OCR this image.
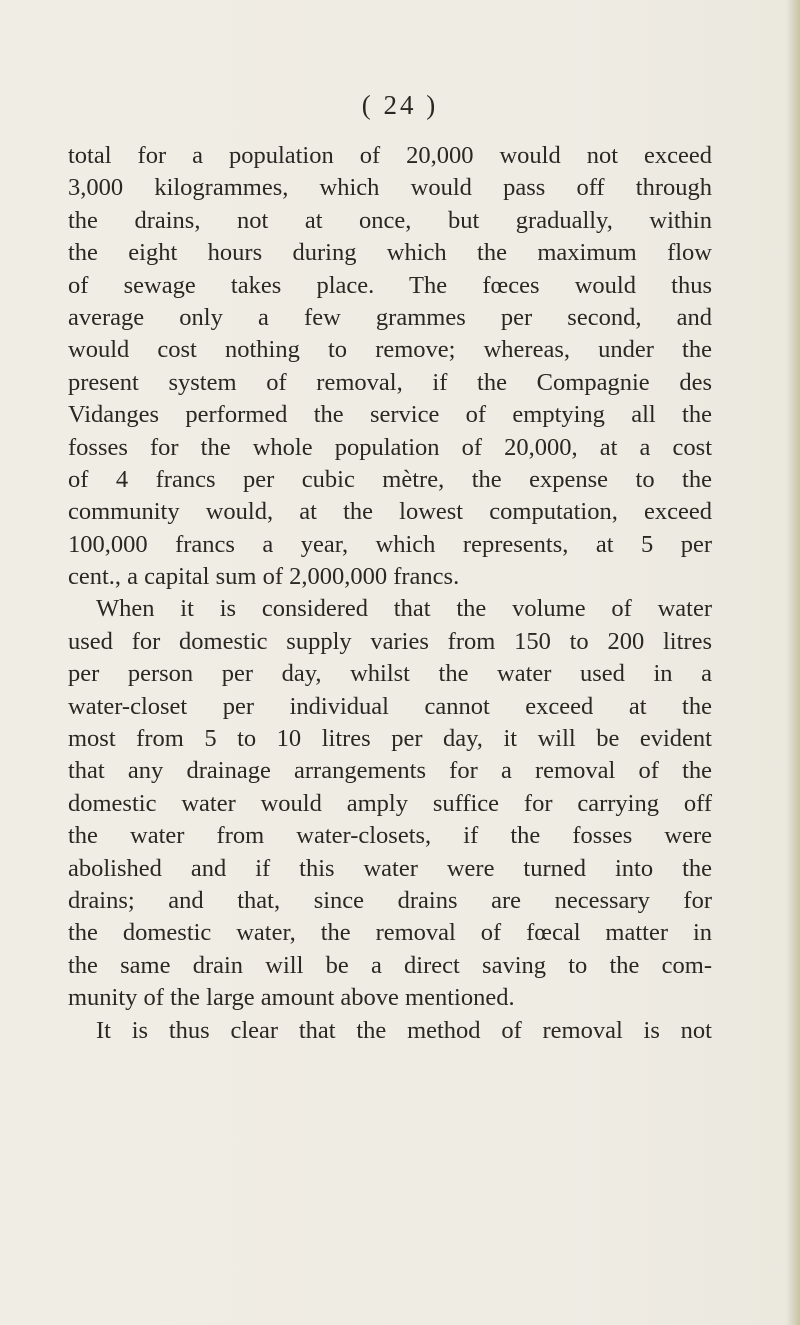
( 24 )
total for a population of 20,000 would not exceed
3,000 kilogrammes, which would pass off through
the drains, not at once, but gradually, within
the eight hours during which the maximum flow
of sewage takes place. The fœces would thus
average only a few grammes per second, and
would cost nothing to remove; whereas, under the
present system of removal, if the Compagnie des
Vidanges performed the service of emptying all the
fosses for the whole population of 20,000, at a cost
of 4 francs per cubic mètre, the expense to the
community would, at the lowest computation, exceed
100,000 francs a year, which represents, at 5 per
cent., a capital sum of 2,000,000 francs.
When it is considered that the volume of water
used for domestic supply varies from 150 to 200 litres
per person per day, whilst the water used in a
water-closet per individual cannot exceed at the
most from 5 to 10 litres per day, it will be evident
that any drainage arrangements for a removal of the
domestic water would amply suffice for carrying off
the water from water-closets, if the fosses were
abolished and if this water were turned into the
drains; and that, since drains are necessary for
the domestic water, the removal of fœcal matter in
the same drain will be a direct saving to the com-
munity of the large amount above mentioned.
It is thus clear that the method of removal is not
